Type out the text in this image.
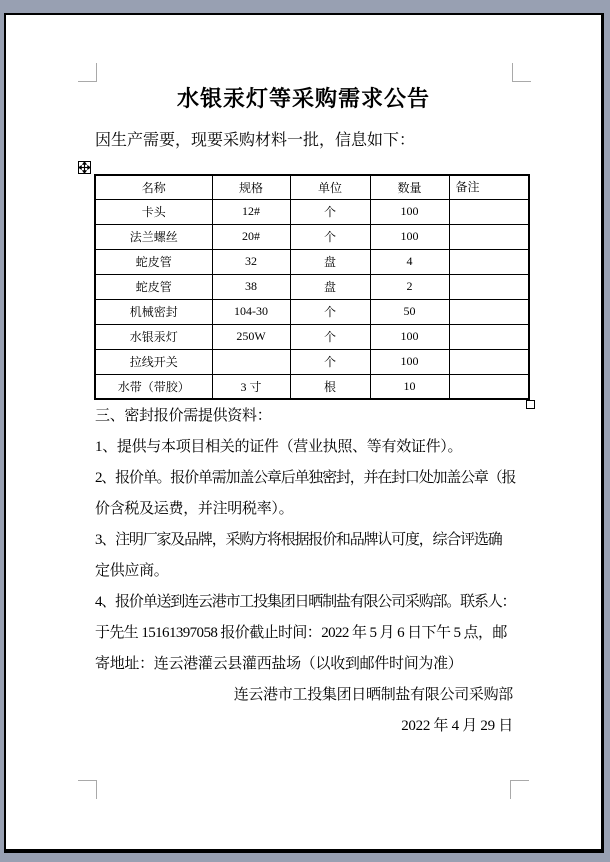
水银汞灯等采购需求公告
因生产需要，现要采购材料一批，信息如下：
名称	规格	单位	数量	备注
卡头	12#	个	100	
法兰螺丝	20#	个	100	
蛇皮管	32	盘	4	
蛇皮管	38	盘	2	
机械密封	104-30	个	50	
水银汞灯	250W	个	100	
拉线开关		个	100	
水带（带胶）	3 寸	根	10	
三、密封报价需提供资料：
1、提供与本项目相关的证件（营业执照、等有效证件）。
2、报价单。报价单需加盖公章后单独密封，并在封口处加盖公章（报
价含税及运费，并注明税率）。
3、注明厂家及品牌，采购方将根据报价和品牌认可度，综合评选确
定供应商。
4、报价单送到连云港市工投集团日晒制盐有限公司采购部。联系人：
于先生 15161397058 报价截止时间：2022 年 5 月 6 日下午 5 点，邮
寄地址：连云港灌云县灌西盐场（以收到邮件时间为准）
连云港市工投集团日晒制盐有限公司采购部
2022 年 4 月 29 日
